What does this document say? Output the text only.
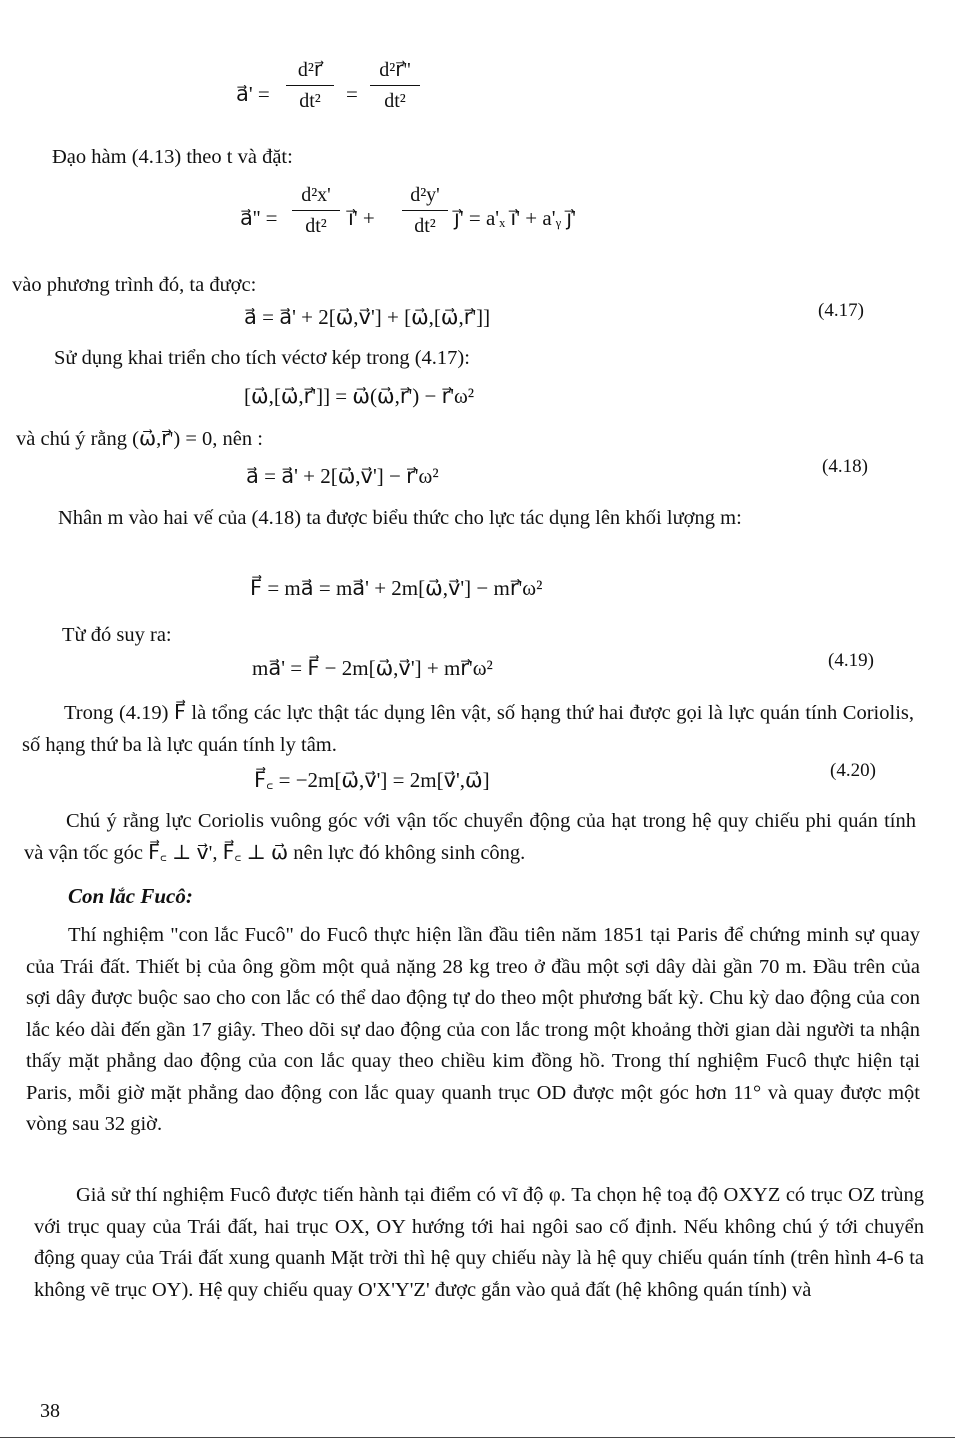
a⃗' =
d²r⃗
dt²	=
d²r⃗''
dt²
Đạo hàm (4.13) theo t và đặt:
a⃗'' =
d²x'
dt²	i⃗' +
d²y'
dt² j⃗' = a'ₓ i⃗' + a'ᵧ j⃗'
vào phương trình đó, ta được:
a⃗ = a⃗' + 2[ω⃗,v⃗'] + [ω⃗,[ω⃗,r⃗']]	(4.17)
Sử dụng khai triển cho tích véctơ kép trong (4.17):
[ω⃗,[ω⃗,r⃗']] = ω⃗(ω⃗,r⃗') − r⃗'ω²
và chú ý rằng (ω⃗,r⃗') = 0, nên :
a⃗ = a⃗' + 2[ω⃗,v⃗'] − r⃗'ω²	(4.18)
Nhân m vào hai vế của (4.18) ta được biểu thức cho lực tác dụng lên khối lượng m:
F⃗ = ma⃗ = ma⃗' + 2m[ω⃗,v⃗'] − mr⃗'ω²
Từ đó suy ra:
ma⃗' = F⃗ − 2m[ω⃗,v⃗'] + mr⃗'ω²	(4.19)
Trong (4.19) F⃗ là tổng các lực thật tác dụng lên vật, số hạng thứ hai được gọi là lực quán tính Coriolis, số hạng thứ ba là lực quán tính ly tâm.
F⃗꜀ = −2m[ω⃗,v⃗'] = 2m[v⃗',ω⃗]	(4.20)
Chú ý rằng lực Coriolis vuông góc với vận tốc chuyển động của hạt trong hệ quy chiếu phi quán tính và vận tốc góc F⃗꜀ ⊥ v⃗', F⃗꜀ ⊥ ω⃗ nên lực đó không sinh công.
Con lắc Fucô:
Thí nghiệm "con lắc Fucô" do Fucô thực hiện lần đầu tiên năm 1851 tại Paris để chứng minh sự quay của Trái đất. Thiết bị của ông gồm một quả nặng 28 kg treo ở đầu một sợi dây dài gần 70 m. Đầu trên của sợi dây được buộc sao cho con lắc có thể dao động tự do theo một phương bất kỳ. Chu kỳ dao động của con lắc kéo dài đến gần 17 giây. Theo dõi sự dao động của con lắc trong một khoảng thời gian dài người ta nhận thấy mặt phẳng dao động của con lắc quay theo chiều kim đồng hồ. Trong thí nghiệm Fucô thực hiện tại Paris, mỗi giờ mặt phẳng dao động con lắc quay quanh trục OD được một góc hơn 11° và quay được một vòng sau 32 giờ.
Giả sử thí nghiệm Fucô được tiến hành tại điểm có vĩ độ φ. Ta chọn hệ toạ độ OXYZ có trục OZ trùng với trục quay của Trái đất, hai trục OX, OY hướng tới hai ngôi sao cố định. Nếu không chú ý tới chuyển động quay của Trái đất xung quanh Mặt trời thì hệ quy chiếu này là hệ quy chiếu quán tính (trên hình 4-6 ta không vẽ trục OY). Hệ quy chiếu quay O'X'Y'Z' được gắn vào quả đất (hệ không quán tính) và
38
